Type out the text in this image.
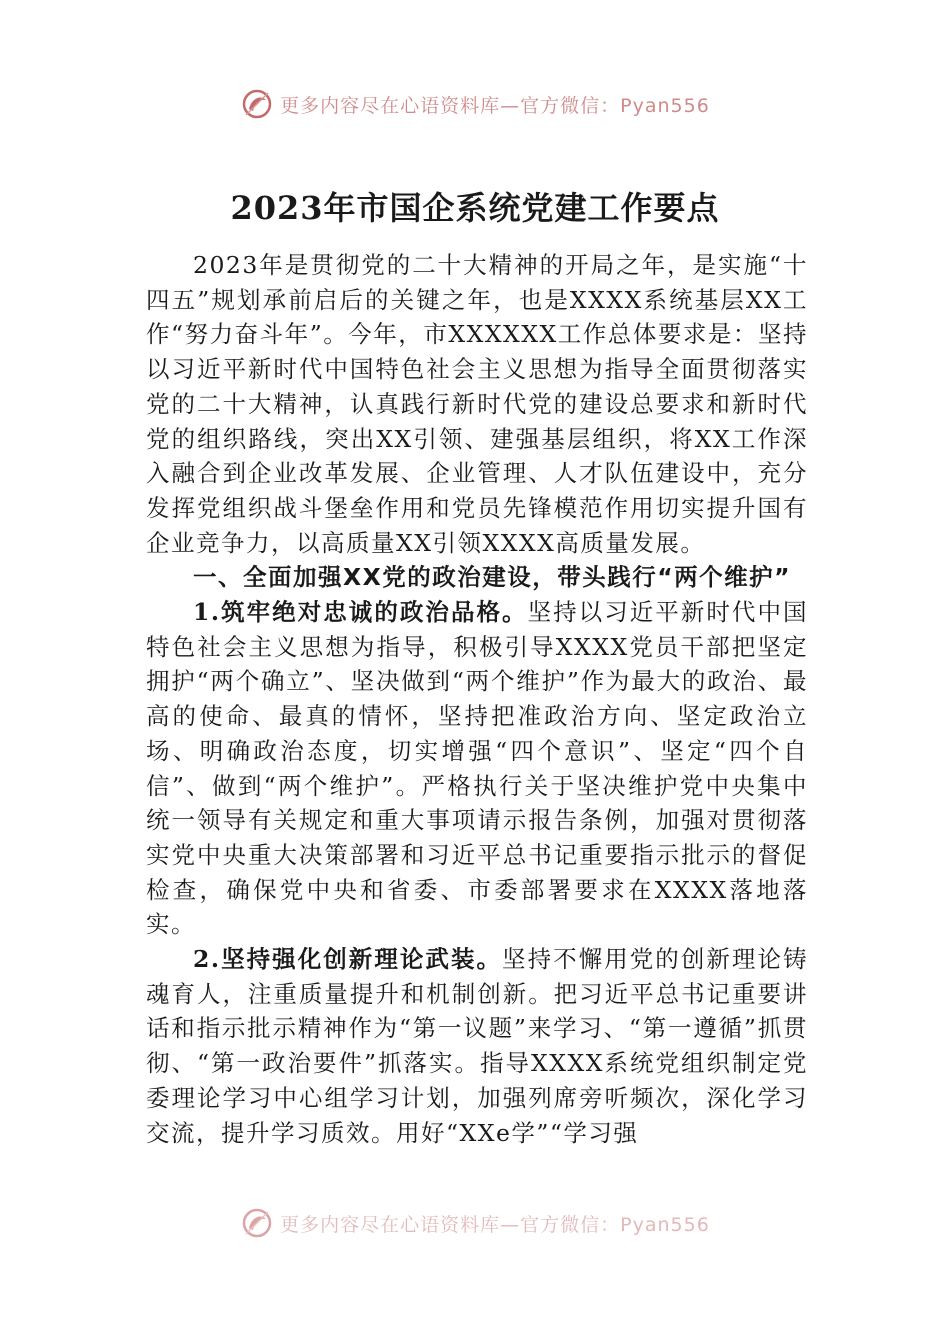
更多内容尽在心语资料库—官方微信：Pyan556
2023年市国企系统党建工作要点

2023年是贯彻党的二十大精神的开局之年，是实施“十四五”规划承前启后的关键之年，也是XXXX系统基层XX工作“努力奋斗年”。今年，市XXXXXX工作总体要求是：坚持以习近平新时代中国特色社会主义思想为指导全面贯彻落实党的二十大精神，认真践行新时代党的建设总要求和新时代党的组织路线，突出XX引领、建强基层组织，将XX工作深入融合到企业改革发展、企业管理、人才队伍建设中，充分发挥党组织战斗堡垒作用和党员先锋模范作用切实提升国有企业竞争力，以高质量XX引领XXXX高质量发展。

一、全面加强XX党的政治建设，带头践行“两个维护”

1.筑牢绝对忠诚的政治品格。坚持以习近平新时代中国特色社会主义思想为指导，积极引导XXXX党员干部把坚定拥护“两个确立”、坚决做到“两个维护”作为最大的政治、最高的使命、最真的情怀，坚持把准政治方向、坚定政治立场、明确政治态度，切实增强“四个意识”、坚定“四个自信”、做到“两个维护”。严格执行关于坚决维护党中央集中统一领导有关规定和重大事项请示报告条例，加强对贯彻落实党中央重大决策部署和习近平总书记重要指示批示的督促检查，确保党中央和省委、市委部署要求在XXXX落地落实。

2.坚持强化创新理论武装。坚持不懈用党的创新理论铸魂育人，注重质量提升和机制创新。把习近平总书记重要讲话和指示批示精神作为“第一议题”来学习、“第一遵循”抓贯彻、“第一政治要件”抓落实。指导XXXX系统党组织制定党委理论学习中心组学习计划，加强列席旁听频次，深化学习交流，提升学习质效。用好“XXe学”“学习强

更多内容尽在心语资料库—官方微信：Pyan556
